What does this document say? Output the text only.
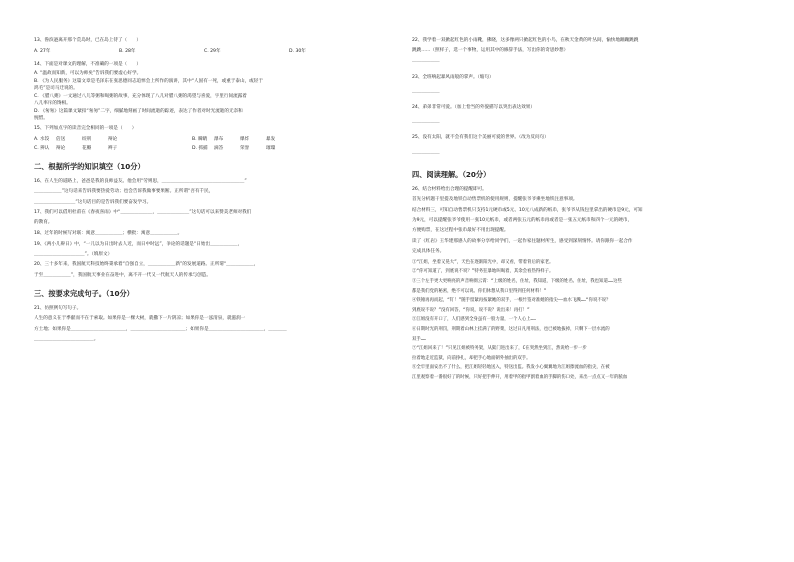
13、鲁滨逊离开那个荒岛时，已在岛上待了（　　）

A. 27年	B. 28年	C. 29年	D. 30年

14、下面是对课文的理解，不准确的一项是（　　）

A. “温故而知新，可以为师矣”告诉我们要虚心好学。

B. 《为人民服务》这篇文章是毛泽东在张思德同志追悼会上所作的演讲，其中“人固有一死，或重于泰山，或轻于

鸿毛”是司马迁说的。

C. 《腊八粥》一文通过八儿等粥和喝粥的故事，充分体现了八儿对腊八粥的渴望与喜爱，字里行间流露着

八儿率斥的馋相。

D. 《匆匆》这篇课文紧扣“匆匆”二字，细腻地刻画了时间流逝的踪迹，表达了作者对时光流逝的无奈和

惋惜。

15、下列加点字的读音完全相同的一项是（　　）

A. 水饺	倍送	绞刑	辩论	B. 瞬睛	瀑布	爆炸	暴发
C. 辨认	辩论	花瓣	辫子	D. 抓捕	滴答	荣誉	璀璨
二、根据所学的知识填空（10分）

16、在人生的道路上，爸爸是我的良师益友。他会用“劳则思，＿＿＿＿＿＿＿＿＿＿＿＿＿＿＿＿＿＿”

＿＿＿＿＿＿”这句话来告诉我要热爱劳动；也会告诉我做事要果断。正所谓“吾有千民，

＿＿＿＿＿＿＿＿＿”这句话目的是告诉我们要奋发学习。

17、我们可以借用杜甫在《春夜喜雨》中“＿＿＿＿＿＿＿，＿＿＿＿＿＿＿”这句话可以来赞美老师对我们

的教育。

18、过年的时候写对联：寓意＿＿＿＿＿＿；横批：寓意＿＿＿＿＿＿。

19、《两小儿辩日》中，“一儿以为日出时去人近，而日中时远”，争论的话题是“日始出＿＿＿＿＿＿，

＿＿＿＿＿＿＿＿＿＿＿”。（填原文）

20、三十多年来，我国航天科技始终秉承着“自强自立，＿＿＿＿＿＿新”的发展道路。正所谓“＿＿＿＿＿＿，

于至＿＿＿＿＿＿”，我国航天事业在奋进中，离不开一代又一代航天人的传承与创造。

三、按要求完成句子。（10分）

21、仿照例句写句子。

人生的意义在于季献而不在于索取。如果你是一棵大树，就撒下一片阴凉；如果你是一泓清泉，就滋润一

方土地；如果你是＿＿＿＿＿＿＿＿＿＿＿＿，＿＿＿＿＿＿＿＿＿＿＿＿；如果你是＿＿＿＿＿＿＿＿＿＿＿＿，＿＿＿＿

＿＿＿＿＿＿＿＿＿＿＿＿＿。

22、我学着一双掀起红色的小雨靴，佛晓，这多像两只掀起红色的小鸟，在秋天金黄的叶丛间，愉快地蹦蹦跳跳

跳跳……（照样子，选一个事物，运用其中的修辞手法，写出你的奇思妙想）

＿＿＿＿＿＿

23、全班响起暴风雨般的掌声。（缩句）

＿＿＿＿＿＿

24、弟弟非常可爱。（加上恰当的外貌描写以突出表达效果）

＿＿＿＿＿＿

25、没有太阳，就不会有我们这个美丽可爱的世界。（改为反问句）

＿＿＿＿＿＿

四、阅读理解。（20分）

26、结合材料给出合理的提醒即可。

首先分析题干里提及地铁自动售票机的使用规则，提醒张爷爷乘坐地铁注意事项。

结合材料三，可知自动售票机只支持1元硬币或5元、10元八成新的纸币，张爷爷从钱包里拿出的硬币是9元，可知

为9元，可以提醒张爷爷使用一张10元纸币，或者两张五元的纸币再或者是一张五元纸币和四个一元的硬币，

方便购票，在这过程中张币最好不用出现提醒。

读了《红岩》王华建那感人的故事分享给同学们，一起作家往题材所生，感受到深刻情怀。请你跟你一起合作

完成具体任务。

①“江姐，坐着又晃大”，天色在逐渐阳光中，却又看，带着背后的家老。

②“你可知道了，到底说不说？”特务狂暴地叫喝着，其余会看热得样子。

③三个左手更大更响亮的声音响彻云霄：“上级的姓名，住址，我知道，下级的姓名、住址，我也知道……这些

都是我们党的秘密，绝不可以说。你们休想从我口里得到任何材料！”

④铁锤再再而起，“钉！”随手留紧再按紧她的双手，一根竹签对准她的指尖——血水飞溅……“你说不说？

到底说不说？”没有回答，“你说，说不说？说出来！再打！”

⑤江姐没有开口了，人们感到全身虽有一股力量，一个人心上……

⑥日期时光的刑罚，刑期着山林上挂满了的野菜，这过日凡用刑法，也已被地拔掉，只剩下一层水流的

双手……

⑦“江姐回来了！”只见江姐被特务架，从狱门进出来了，C在突然坐到江，然说给一步一步

拉着地走近监狱，向前挣扎，却把手心地面朝外抽出的双手。

⑧全牢里面安出不了什么，把江姐轻轻地送入，特送出监。我发小心翼翼地为江姐擦流血的指尖，在被

江里观察着一番很好了的时候，只好把手伸开，用着甲的指甲割着血的手脚的伤口处，来出一点点又一年的脓血
